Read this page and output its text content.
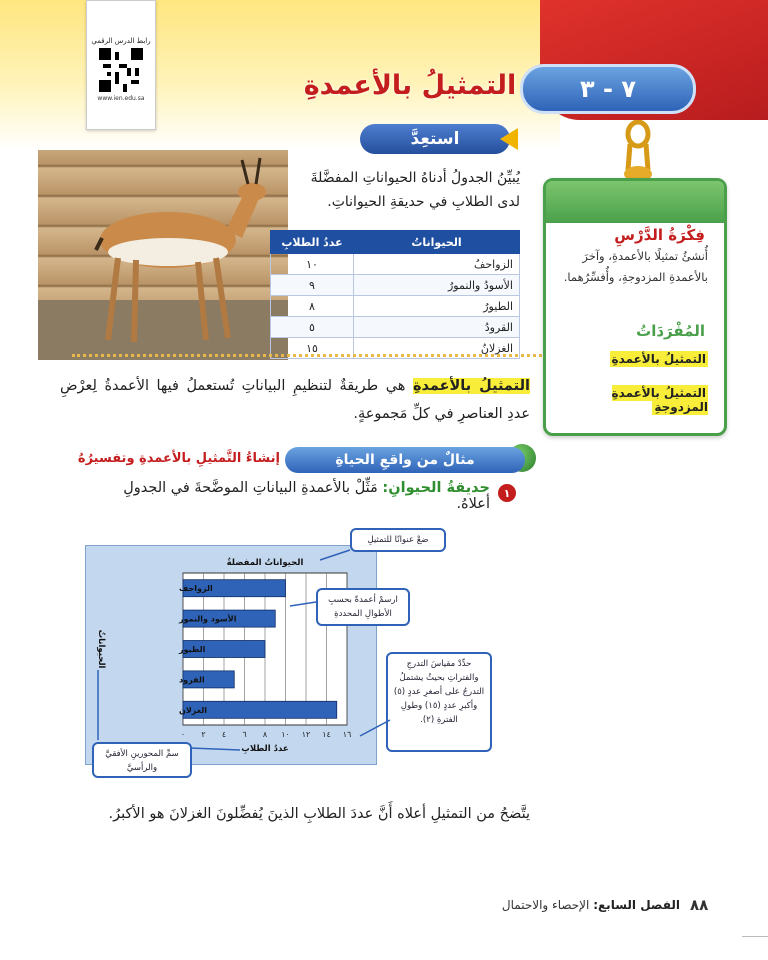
رابط الدرس الرقمي
www.ien.edu.sa	٧ - ٣
التمثيلُ بالأعمدةِ
استعِدَّ
يُبيِّنُ الجدولُ أدناهُ الحيواناتِ المفضَّلةَ لدى الطلابِ في حديقةِ الحيواناتِ.
الحيواناتُ	عددُ الطلابِ
الزواحفُ	١٠
الأسودُ والنمورُ	٩
الطيورُ	٨
القرودُ	٥
الغزلانُ	١٥
التمثيلُ بالأعمدةِ هي طريقةٌ لتنظيمِ البياناتِ تُستعملُ فيها الأعمدةُ لِعرْضِ عددِ العناصرِ في كلِّ مَجموعةٍ.
فِكْرَةُ الدَّرْسِ
أُنشئُ تمثيلًا بالأعمدةِ، وآخرَ بالأعمدةِ المزدوجةِ، وأُفسِّرُهما.
المُفْرَدَاتُ
التمثيلُ بالأعمدةِ
التمثيلُ بالأعمدةِ المزدوجةِ
مثالٌ من واقعِ الحياةِ
إنشاءُ التَّمثيلِ بالأعمدةِ وتفسيرُهُ
١
حديقةُ الحيوانِ: مَثِّلْ بالأعمدةِ البياناتِ الموضَّحةَ في الجدولِ أعلاهُ.
٠ ٢ ٤ ٦ ٨ ١٠ ١٢ ١٤ ١٦
الزواحف
الأسود والنمور
الطيور
القرود
الغزلان
الحيواناتُ المفضلةُ
عددُ الطلابِ
الحيواناتُ
ضعْ عنوانًا للتمثيلِ
ارسمْ أعمدةً بحسبِ الأطوالِ المحددةِ
حدِّدْ مقياسَ التدرجِ والفتراتِ بحيثُ يشتملُ التدرجُ على أصغرِ عددٍ (٥) وأكبرِ عددٍ (١٥) وطولِ الفترةِ (٢).
سمِّ المحورينِ الأفقيَّ والرأسيَّ
يتَّضحُ من التمثيلِ أعلاه أَنَّ عددَ الطلابِ الذينَ يُفضِّلونَ الغزلانَ هو الأكبرُ.
٨٨
الفصل السابع: الإحصاء والاحتمال
